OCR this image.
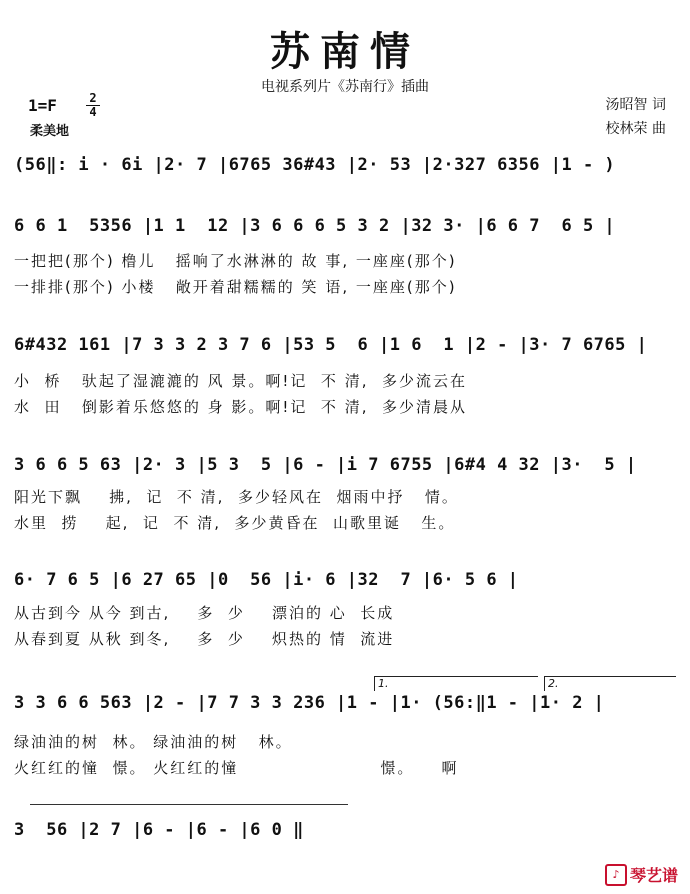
苏南情
电视系列片《苏南行》插曲
1=F	2
4
柔美地
汤昭智 词
校林荣 曲
(56‖: i · 6i |2· 7 |6765 36#43 |2· 53 |2·327 6356 |1 - )
6 6 1  5356 |1 1  12 |3 6 6 6 5 3 2 |32 3· |6 6 7  6 5 |
一把把(那个) 橹儿   摇响了水淋淋的 故 事, 一座座(那个)
一排排(那个) 小楼   敞开着甜糯糯的 笑 语, 一座座(那个)
6#432 161 |7 3 3 2 3 7 6 |53 5  6 |1 6  1 |2 - |3· 7 6765 |
小  桥   驮起了湿漉漉的 风 景。啊!记  不 清,  多少流云在
水  田   倒影着乐悠悠的 身 影。啊!记  不 清,  多少清晨从
3 6 6 5 63 |2· 3 |5 3  5 |6 - |i 7 6755 |6#4 4 32 |3·  5 |
阳光下飘    拂,  记  不 清,  多少轻风在  烟雨中抒   情。
水里  捞    起,  记  不 清,  多少黄昏在  山歌里诞   生。
6· 7 6 5 |6 27 65 |0  56 |i· 6 |32  7 |6· 5 6 |
从古到今 从今 到古,    多  少    漂泊的 心  长成
从春到夏 从秋 到冬,    多  少    炽热的 情  流进
1.	2.
3 3 6 6 563 |2 - |7 7 3 3 236 |1 - |1· (56:‖1 - |1· 2 |
绿油油的树  林。 绿油油的树   林。
火红红的憧  憬。 火红红的憧                     憬。    啊
3  56 |2 7 |6 - |6 - |6 0 ‖
♪ 琴艺谱
